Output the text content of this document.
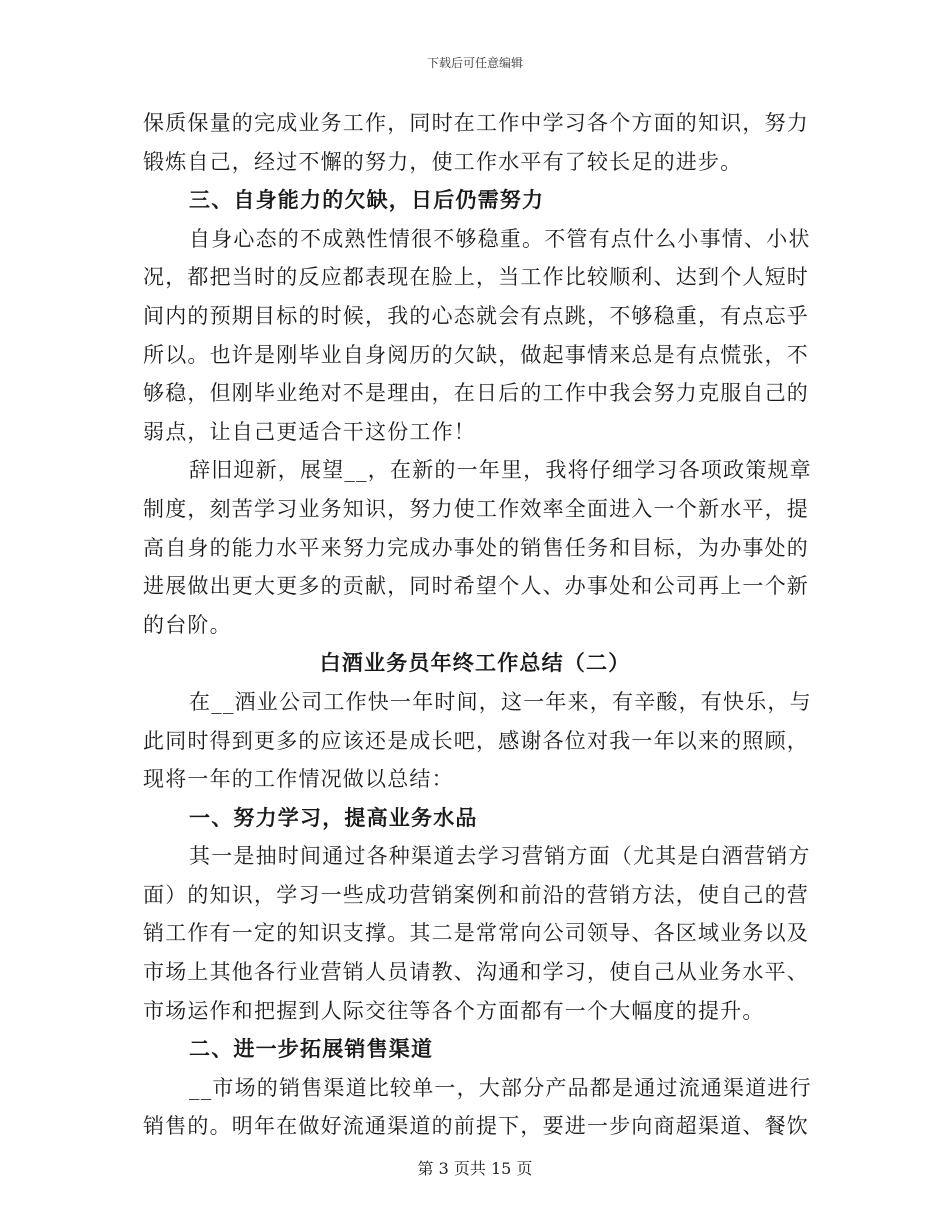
下载后可任意编辑
保质保量的完成业务工作，同时在工作中学习各个方面的知识，努力
锻炼自己，经过不懈的努力，使工作水平有了较长足的进步。
三、自身能力的欠缺，日后仍需努力
自身心态的不成熟性情很不够稳重。不管有点什么小事情、小状
况，都把当时的反应都表现在脸上，当工作比较顺利、达到个人短时
间内的预期目标的时候，我的心态就会有点跳，不够稳重，有点忘乎
所以。也许是刚毕业自身阅历的欠缺，做起事情来总是有点慌张，不
够稳，但刚毕业绝对不是理由，在日后的工作中我会努力克服自己的
弱点，让自己更适合干这份工作！
辞旧迎新，展望__，在新的一年里，我将仔细学习各项政策规章
制度，刻苦学习业务知识，努力使工作效率全面进入一个新水平，提
高自身的能力水平来努力完成办事处的销售任务和目标，为办事处的
进展做出更大更多的贡献，同时希望个人、办事处和公司再上一个新
的台阶。
白酒业务员年终工作总结（二）
在__酒业公司工作快一年时间，这一年来，有辛酸，有快乐，与
此同时得到更多的应该还是成长吧，感谢各位对我一年以来的照顾，
现将一年的工作情况做以总结：
一、努力学习，提高业务水品
其一是抽时间通过各种渠道去学习营销方面（尤其是白酒营销方
面）的知识，学习一些成功营销案例和前沿的营销方法，使自己的营
销工作有一定的知识支撑。其二是常常向公司领导、各区域业务以及
市场上其他各行业营销人员请教、沟通和学习，使自己从业务水平、
市场运作和把握到人际交往等各个方面都有一个大幅度的提升。
二、进一步拓展销售渠道
__市场的销售渠道比较单一，大部分产品都是通过流通渠道进行
销售的。明年在做好流通渠道的前提下，要进一步向商超渠道、餐饮
第 3 页共 15 页
